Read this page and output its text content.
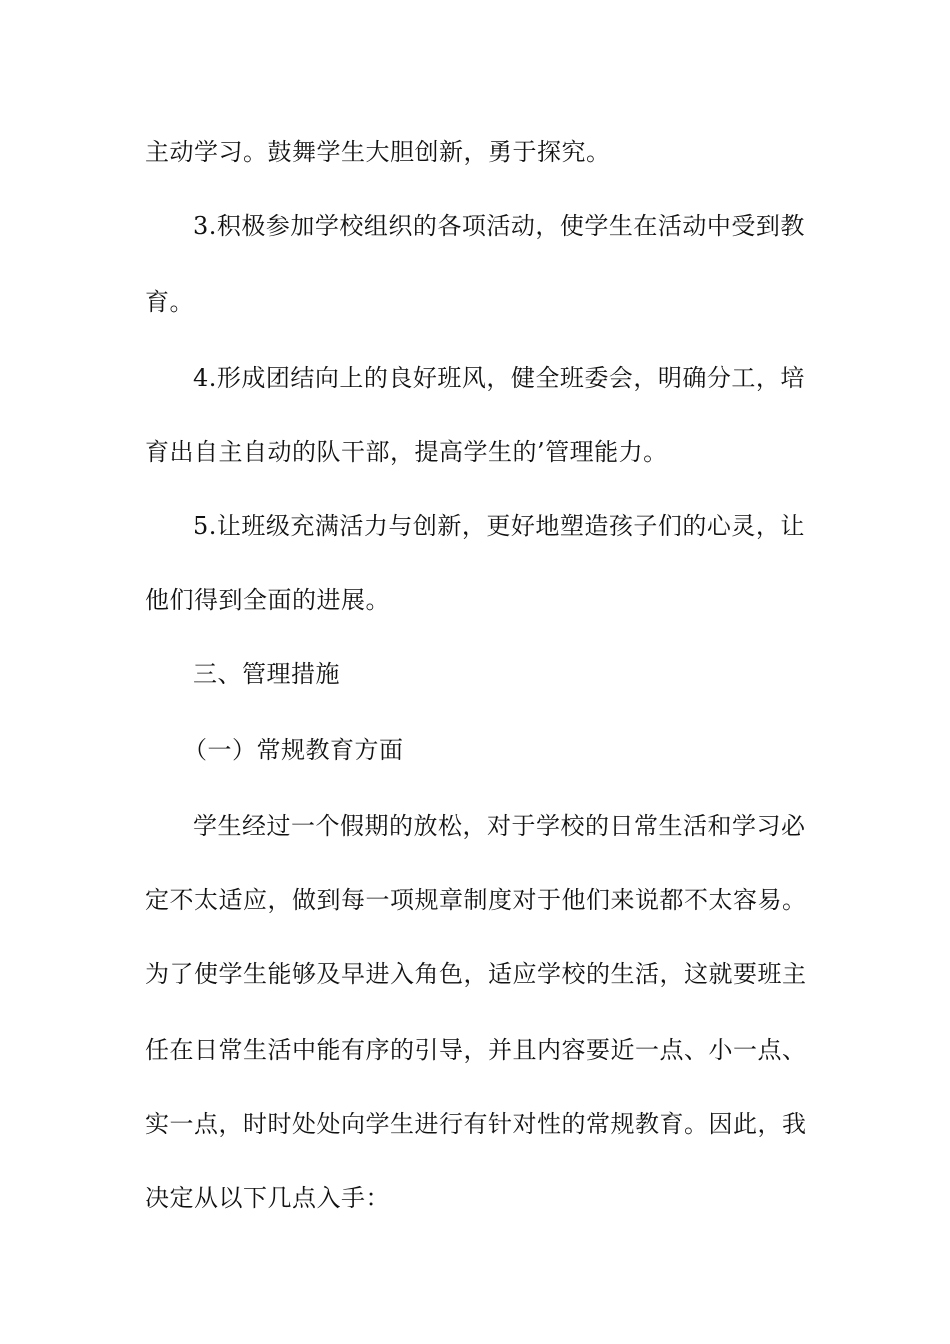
主动学习。鼓舞学生大胆创新，勇于探究。
3.积极参加学校组织的各项活动，使学生在活动中受到教
育。
4.形成团结向上的良好班风，健全班委会，明确分工，培
育出自主自动的队干部，提高学生的’管理能力。
5.让班级充满活力与创新，更好地塑造孩子们的心灵，让
他们得到全面的进展。
三、管理措施
（一）常规教育方面
学生经过一个假期的放松，对于学校的日常生活和学习必
定不太适应，做到每一项规章制度对于他们来说都不太容易。
为了使学生能够及早进入角色，适应学校的生活，这就要班主
任在日常生活中能有序的引导，并且内容要近一点、小一点、
实一点，时时处处向学生进行有针对性的常规教育。因此，我
决定从以下几点入手：
